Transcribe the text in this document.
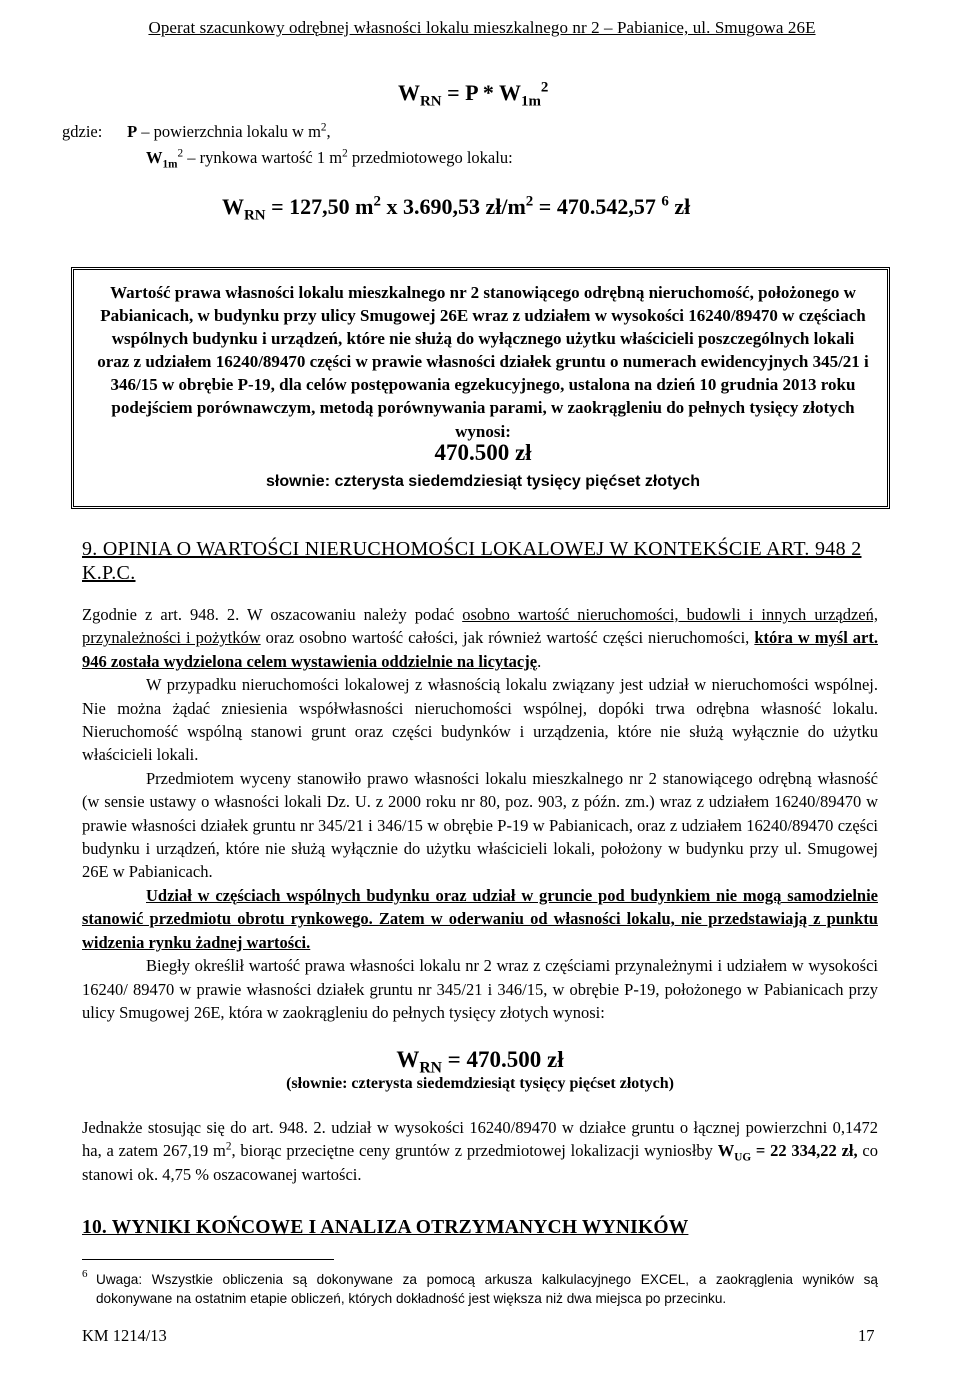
Operat szacunkowy odrębnej własności lokalu mieszkalnego nr 2 – Pabianice, ul. Smugowa 26E
$W_{RN} = P * W_{1m}^2$
gdzie: P – powierzchnia lokalu w $m^2$,
$W_{1m}^2$ – rynkowa wartość 1 $m^2$ przedmiotowego lokalu:
$W_{RN} = 127,50$ $m^2$ x 3.690,53 $zł/m^2 = 470.542,57$ $^6$ zł
Wartość prawa własności lokalu mieszkalnego nr 2 stanowiącego odrębną nieruchomość, położonego w Pabianicach, w budynku przy ulicy Smugowej 26E wraz z udziałem w wysokości 16240/89470 w częściach wspólnych budynku i urządzeń, które nie służą do wyłącznego użytku właścicieli poszczególnych lokali oraz z udziałem 16240/89470 części w prawie własności działek gruntu o numerach ewidencyjnych 345/21 i 346/15 w obrębie P-19, dla celów postępowania egzekucyjnego, ustalona na dzień 10 grudnia 2013 roku podejściem porównawczym, metodą porównywania parami, w zaokrągleniu do pełnych tysięcy złotych wynosi:
470.500 zł
słownie: czterysta siedemdziesiąt tysięcy pięćset złotych
9. OPINIA O WARTOŚCI NIERUCHOMOŚCI LOKALOWEJ W KONTEKŚCIE ART. 948 2 K.P.C.
Zgodnie z art. 948. 2. W oszacowaniu należy podać osobno wartość nieruchomości, budowli i innych urządzeń, przynależności i pożytków oraz osobno wartość całości, jak również wartość części nieruchomości, która w myśl art. 946 została wydzielona celem wystawienia oddzielnie na licytację.
W przypadku nieruchomości lokalowej z własnością lokalu związany jest udział w nieruchomości wspólnej. Nie można żądać zniesienia współwłasności nieruchomości wspólnej, dopóki trwa odrębna własność lokalu. Nieruchomość wspólną stanowi grunt oraz części budynków i urządzenia, które nie służą wyłącznie do użytku właścicieli lokali.
Przedmiotem wyceny stanowiło prawo własności lokalu mieszkalnego nr 2 stanowiącego odrębną własność (w sensie ustawy o własności lokali Dz. U. z 2000 roku nr 80, poz. 903, z późn. zm.) wraz z udziałem 16240/89470 w prawie własności działek gruntu nr 345/21 i 346/15 w obrębie P-19 w Pabianicach, oraz z udziałem 16240/89470 części budynku i urządzeń, które nie służą wyłącznie do użytku właścicieli lokali, położony w budynku przy ul. Smugowej 26E w Pabianicach.
Udział w częściach wspólnych budynku oraz udział w gruncie pod budynkiem nie mogą samodzielnie stanowić przedmiotu obrotu rynkowego. Zatem w oderwaniu od własności lokalu, nie przedstawiają z punktu widzenia rynku żadnej wartości.
Biegły określił wartość prawa własności lokalu nr 2 wraz z częściami przynależnymi i udziałem w wysokości 16240/ 89470 w prawie własności działek gruntu nr 345/21 i 346/15, w obrębie P-19, położonego w Pabianicach przy ulicy Smugowej 26E, która w zaokrągleniu do pełnych tysięcy złotych wynosi:
$W_{RN} = 470.500$ zł
(słownie: czterysta siedemdziesiąt tysięcy pięćset złotych)
Jednakże stosując się do art. 948. 2. udział w wysokości 16240/89470 w działce gruntu o łącznej powierzchni 0,1472 ha, a zatem 267,19 $m^2$, biorąc przeciętne ceny gruntów z przedmiotowej lokalizacji wyniosłby $W_{UG} = 22$ 334,22 zł, co stanowi ok. 4,75 % oszacowanej wartości.
10. WYNIKI KOŃCOWE I ANALIZA OTRZYMANYCH WYNIKÓW
6 Uwaga: Wszystkie obliczenia są dokonywane za pomocą arkusza kalkulacyjnego EXCEL, a zaokrąglenia wyników są dokonywane na ostatnim etapie obliczeń, których dokładność jest większa niż dwa miejsca po przecinku.
KM 1214/13	17
